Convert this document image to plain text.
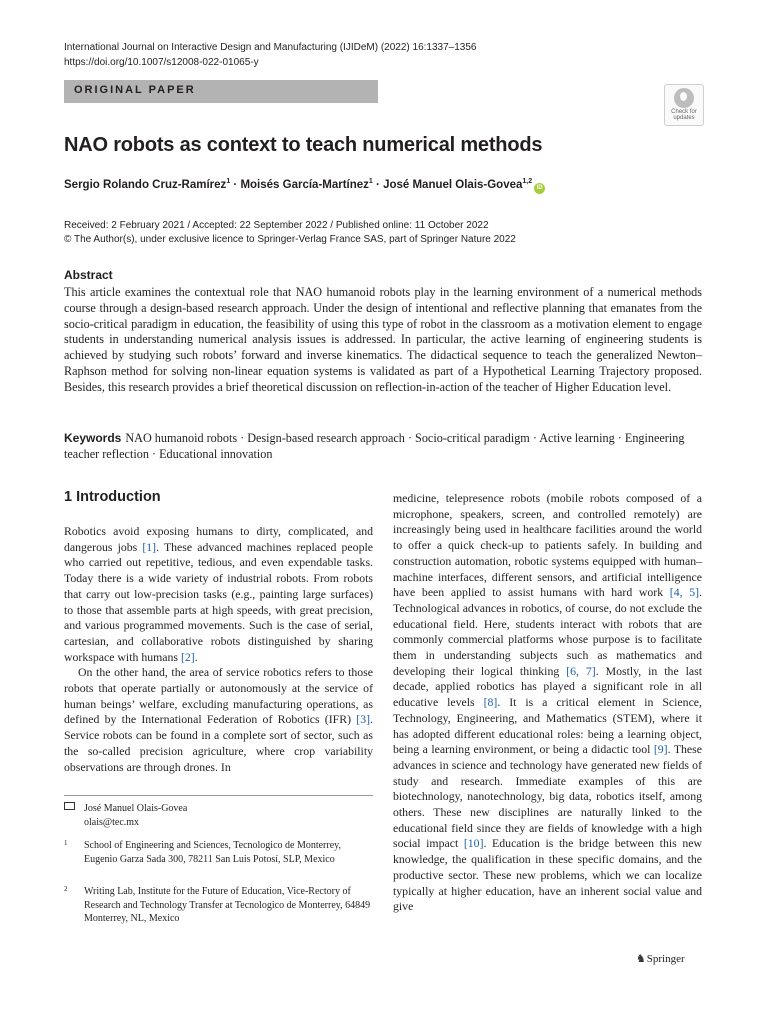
International Journal on Interactive Design and Manufacturing (IJIDeM) (2022) 16:1337–1356
https://doi.org/10.1007/s12008-022-01065-y
ORIGINAL PAPER
Check for updates
NAO robots as context to teach numerical methods
Sergio Rolando Cruz-Ramírez$^1$ · Moisés García-Martínez$^1$ · José Manuel Olais-Govea$^{1,2}$iD
Received: 2 February 2021 / Accepted: 22 September 2022 / Published online: 11 October 2022
© The Author(s), under exclusive licence to Springer-Verlag France SAS, part of Springer Nature 2022
Abstract
This article examines the contextual role that NAO humanoid robots play in the learning environment of a numerical methods course through a design-based research approach. Under the design of intentional and reflective planning that emanates from the socio-critical paradigm in education, the feasibility of using this type of robot in the classroom as a motivation element to engage students in understanding numerical analysis issues is addressed. In particular, the active learning of engineering students is achieved by studying such robots’ forward and inverse kinematics. The didactical sequence to teach the generalized Newton–Raphson method for solving non-linear equation systems is validated as part of a Hypothetical Learning Trajectory proposed. Besides, this research provides a brief theoretical discussion on reflection-in-action of the teacher of Higher Education level.
Keywords NAO humanoid robots · Design-based research approach · Socio-critical paradigm · Active learning · Engineering teacher reflection · Educational innovation
1 Introduction

Robotics avoid exposing humans to dirty, complicated, and dangerous jobs [1]. These advanced machines replaced people who carried out repetitive, tedious, and even expendable tasks. Today there is a wide variety of industrial robots. From robots that carry out low-precision tasks (e.g., painting large surfaces) to those that assemble parts at high speeds, with great precision, and various programmed movements. Such is the case of serial, cartesian, and collaborative robots distinguished by sharing workspace with humans [2].

On the other hand, the area of service robotics refers to those robots that operate partially or autonomously at the service of human beings’ welfare, excluding manufacturing operations, as defined by the International Federation of Robotics (IFR) [3]. Service robots can be found in a complete sort of sector, such as the so-called precision agriculture, where crop variability observations are through drones. In

medicine, telepresence robots (mobile robots composed of a microphone, speakers, screen, and controlled remotely) are increasingly being used in healthcare facilities around the world to offer a quick check-up to patients safely. In building and construction automation, robotic systems equipped with human–machine interfaces, different sensors, and artificial intelligence have been applied to assist humans with hard work [4, 5]. Technological advances in robotics, of course, do not exclude the educational field. Here, students interact with robots that are commonly commercial platforms whose purpose is to facilitate them in understanding subjects such as mathematics and developing their logical thinking [6, 7]. Mostly, in the last decade, applied robotics has played a significant role in all educative levels [8]. It is a critical element in Science, Technology, Engineering, and Mathematics (STEM), where it has adopted different educational roles: being a learning object, being a learning environment, or being a didactic tool [9]. These advances in science and technology have generated new fields of study and research. Immediate examples of this are biotechnology, nanotechnology, big data, robotics itself, among others. These new disciplines are naturally linked to the educational field since they are fields of knowledge with a high social impact [10]. Education is the bridge between this new knowledge, the qualification in these specific domains, and the productive sector. These new problems, which we can localize typically at higher education, have an inherent social value and give

José Manuel Olais-Govea
olais@tec.mx
1 School of Engineering and Sciences, Tecnologico de Monterrey, Eugenio Garza Sada 300, 78211 San Luis Potosí, SLP, Mexico
2 Writing Lab, Institute for the Future of Education, Vice-Rectory of Research and Technology Transfer at Tecnologico de Monterrey, 64849 Monterrey, NL, Mexico
♞ Springer
